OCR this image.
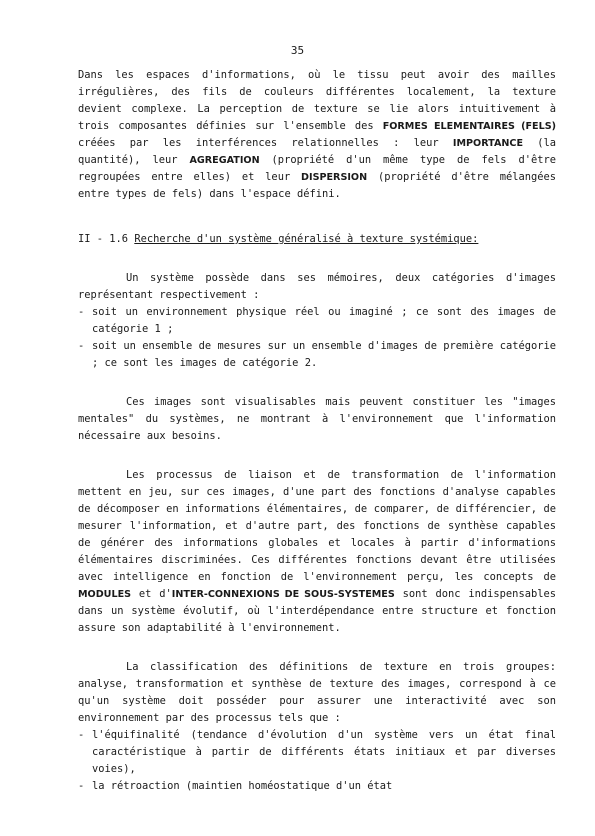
35

Dans les espaces d'informations, où le tissu peut avoir des mailles irrégulières, des fils de couleurs différentes localement, la texture devient complexe. La perception de texture se lie alors intuitivement à trois composantes définies sur l'ensemble des FORMES ELEMENTAIRES (FELS) créées par les interférences relationnelles : leur IMPORTANCE (la quantité), leur AGREGATION (propriété d'un même type de fels d'être regroupées entre elles) et leur DISPERSION (propriété d'être mélangées entre types de fels) dans l'espace défini.

II - 1.6 Recherche d'un système généralisé à texture systémique:

Un système possède dans ses mémoires, deux catégories d'images représentant respectivement :

- soit un environnement physique réel ou imaginé ; ce sont des images de catégorie 1 ;
- soit un ensemble de mesures sur un ensemble d'images de première catégorie ; ce sont les images de catégorie 2.

Ces images sont visualisables mais peuvent constituer les "images mentales" du systèmes, ne montrant à l'environnement que l'information nécessaire aux besoins.

Les processus de liaison et de transformation de l'information mettent en jeu, sur ces images, d'une part des fonctions d'analyse capables de décomposer en informations élémentaires, de comparer, de différencier, de mesurer l'information, et d'autre part, des fonctions de synthèse capables de générer des informations globales et locales à partir d'informations élémentaires discriminées. Ces différentes fonctions devant être utilisées avec intelligence en fonction de l'environnement perçu, les concepts de MODULES et d'INTER-CONNEXIONS DE SOUS-SYSTEMES sont donc indispensables dans un système évolutif, où l'interdépendance entre structure et fonction assure son adaptabilité à l'environnement.

La classification des définitions de texture en trois groupes: analyse, transformation et synthèse de texture des images, correspond à ce qu'un système doit posséder pour assurer une interactivité avec son environnement par des processus tels que :

- l'équifinalité (tendance d'évolution d'un système vers un état final caractéristique à partir de différents états initiaux et par diverses voies),
- la rétroaction (maintien homéostatique d'un état
